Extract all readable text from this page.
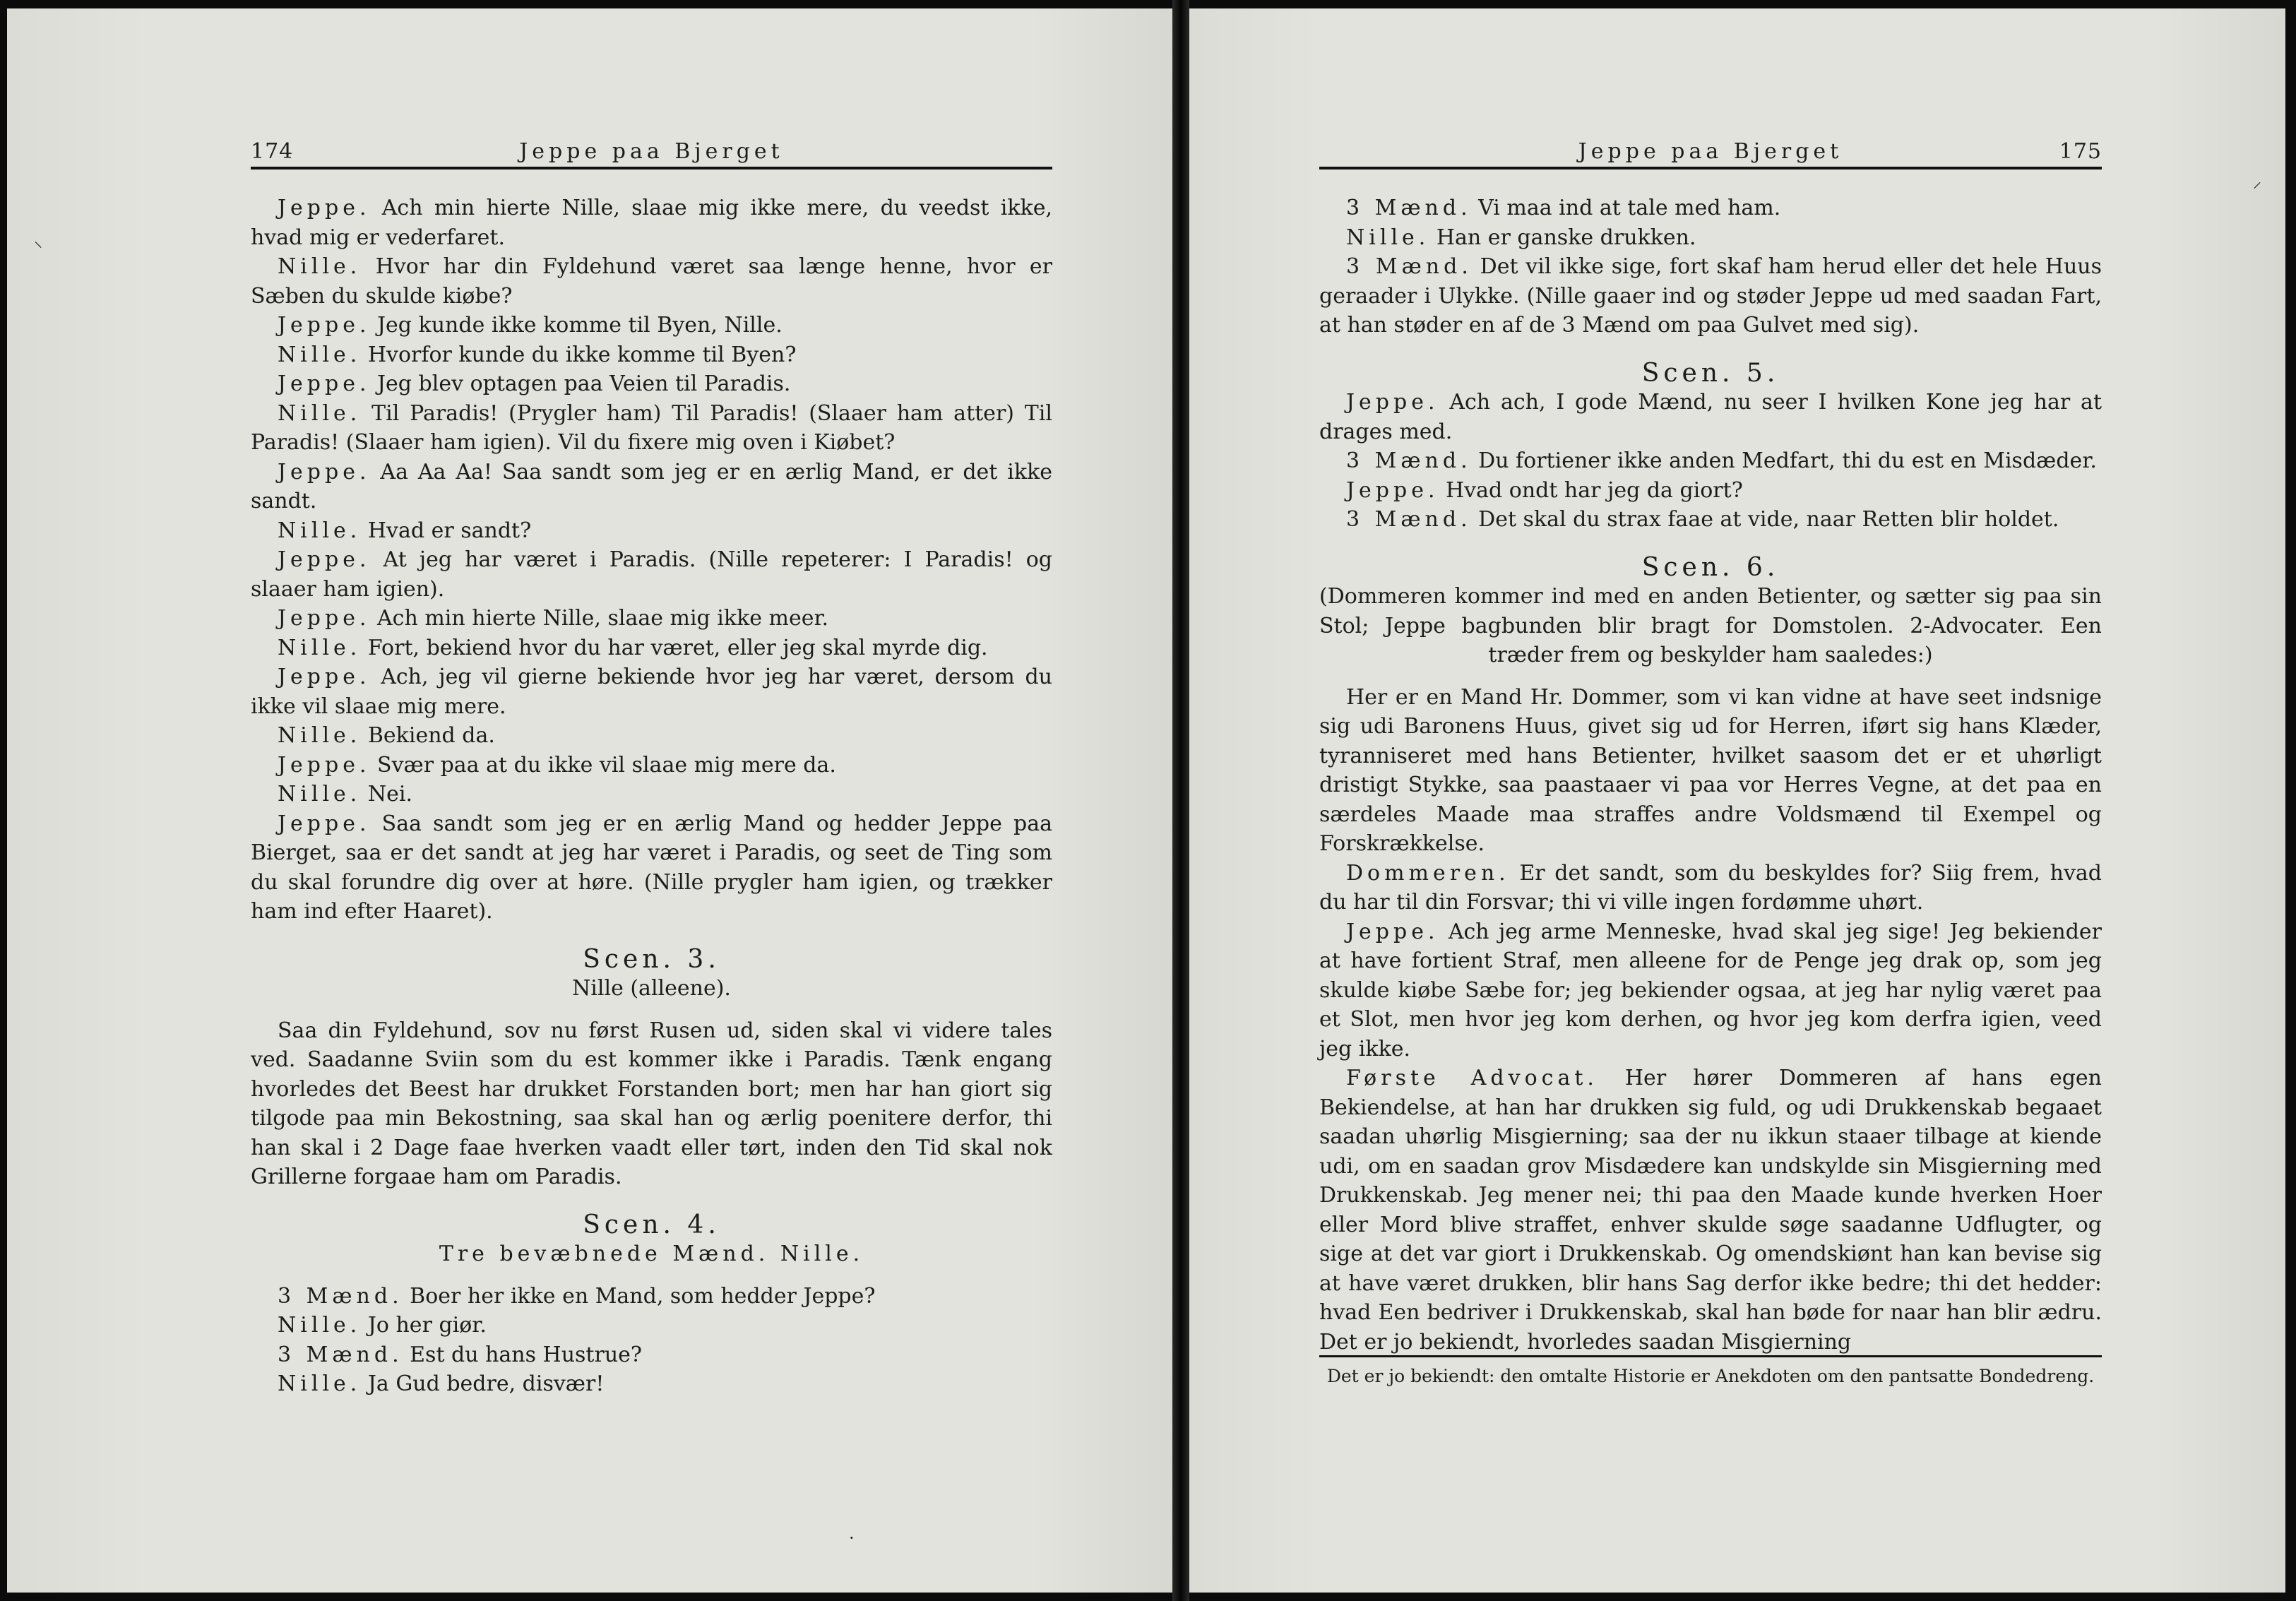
174	Jeppe paa Bjerget

Jeppe. Ach min hierte Nille, slaae mig ikke mere, du veedst ikke, hvad mig er vederfaret.

Nille. Hvor har din Fyldehund været saa længe henne, hvor er Sæben du skulde kiøbe?

Jeppe. Jeg kunde ikke komme til Byen, Nille.

Nille. Hvorfor kunde du ikke komme til Byen?

Jeppe. Jeg blev optagen paa Veien til Paradis.

Nille. Til Paradis! (Prygler ham) Til Paradis! (Slaaer ham atter) Til Paradis! (Slaaer ham igien). Vil du fixere mig oven i Kiøbet?

Jeppe. Aa Aa Aa! Saa sandt som jeg er en ærlig Mand, er det ikke sandt.

Nille. Hvad er sandt?

Jeppe. At jeg har været i Paradis. (Nille repeterer: I Paradis! og slaaer ham igien).

Jeppe. Ach min hierte Nille, slaae mig ikke meer.

Nille. Fort, bekiend hvor du har været, eller jeg skal myrde dig.

Jeppe. Ach, jeg vil gierne bekiende hvor jeg har været, dersom du ikke vil slaae mig mere.

Nille. Bekiend da.

Jeppe. Svær paa at du ikke vil slaae mig mere da.

Nille. Nei.

Jeppe. Saa sandt som jeg er en ærlig Mand og hedder Jeppe paa Bierget, saa er det sandt at jeg har været i Paradis, og seet de Ting som du skal forundre dig over at høre. (Nille prygler ham igien, og trækker ham ind efter Haaret).

Scen. 3.

Nille (alleene).

Saa din Fyldehund, sov nu først Rusen ud, siden skal vi videre tales ved. Saadanne Sviin som du est kommer ikke i Paradis. Tænk engang hvorledes det Beest har drukket Forstanden bort; men har han giort sig tilgode paa min Bekostning, saa skal han og ærlig poenitere derfor, thi han skal i 2 Dage faae hverken vaadt eller tørt, inden den Tid skal nok Grillerne forgaae ham om Paradis.

Scen. 4.

Tre bevæbnede Mænd. Nille.

3 Mænd. Boer her ikke en Mand, som hedder Jeppe?

Nille. Jo her giør.

3 Mænd. Est du hans Hustrue?

Nille. Ja Gud bedre, disvær!

⸜
·
Jeppe paa Bjerget	175

3 Mænd. Vi maa ind at tale med ham.

Nille. Han er ganske drukken.

3 Mænd. Det vil ikke sige, fort skaf ham herud eller det hele Huus geraader i Ulykke. (Nille gaaer ind og støder Jeppe ud med saadan Fart, at han støder en af de 3 Mænd om paa Gulvet med sig).

Scen. 5.

Jeppe. Ach ach, I gode Mænd, nu seer I hvilken Kone jeg har at drages med.

3 Mænd. Du fortiener ikke anden Medfart, thi du est en Misdæder.

Jeppe. Hvad ondt har jeg da giort?

3 Mænd. Det skal du strax faae at vide, naar Retten blir holdet.

Scen. 6.

(Dommeren kommer ind med en anden Betienter, og sætter sig paa sin Stol; Jeppe bagbunden blir bragt for Domstolen. 2-Advocater. Een træder frem og beskylder ham saaledes:)

Her er en Mand Hr. Dommer, som vi kan vidne at have seet indsnige sig udi Baronens Huus, givet sig ud for Herren, iført sig hans Klæder, tyranniseret med hans Betienter, hvilket saasom det er et uhørligt dristigt Stykke, saa paastaaer vi paa vor Herres Vegne, at det paa en særdeles Maade maa straffes andre Voldsmænd til Exempel og Forskrækkelse.

Dommeren. Er det sandt, som du beskyldes for? Siig frem, hvad du har til din Forsvar; thi vi ville ingen fordømme uhørt.

Jeppe. Ach jeg arme Menneske, hvad skal jeg sige! Jeg bekiender at have fortient Straf, men alleene for de Penge jeg drak op, som jeg skulde kiøbe Sæbe for; jeg bekiender ogsaa, at jeg har nylig været paa et Slot, men hvor jeg kom derhen, og hvor jeg kom derfra igien, veed jeg ikke.

Første Advocat. Her hører Dommeren af hans egen Bekiendelse, at han har drukken sig fuld, og udi Drukkenskab begaaet saadan uhørlig Misgierning; saa der nu ikkun staaer tilbage at kiende udi, om en saadan grov Misdædere kan undskylde sin Misgierning med Drukkenskab. Jeg mener nei; thi paa den Maade kunde hverken Hoer eller Mord blive straffet, enhver skulde søge saadanne Udflugter, og sige at det var giort i Drukkenskab. Og omendskiønt han kan bevise sig at have været drukken, blir hans Sag derfor ikke bedre; thi det hedder: hvad Een bedriver i Drukkenskab, skal han bøde for naar han blir ædru. Det er jo bekiendt, hvorledes saadan Misgierning

Det er jo bekiendt: den omtalte Historie er Anekdoten om den pantsatte Bondedreng.
⸝
